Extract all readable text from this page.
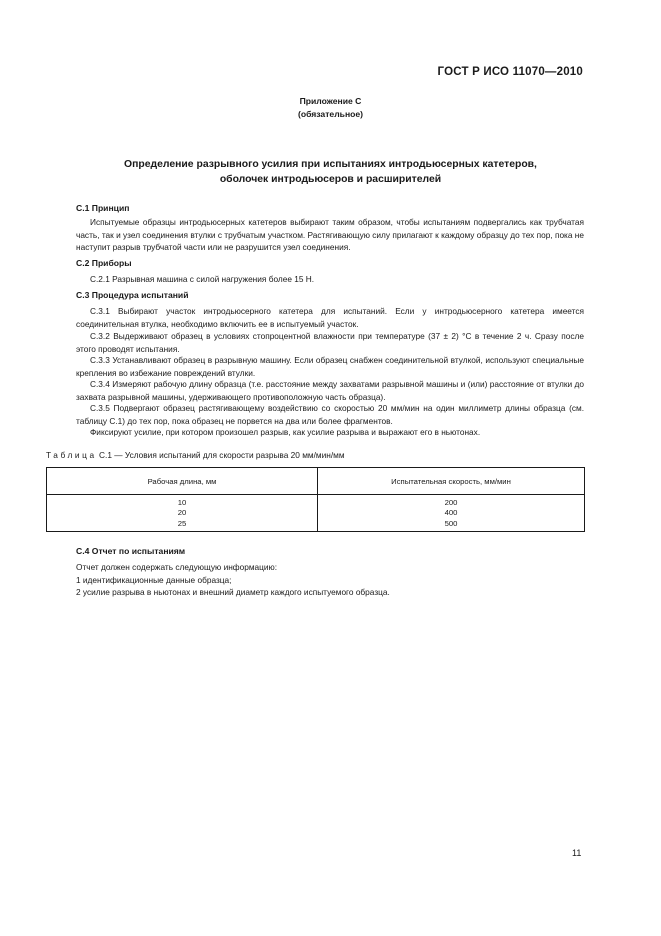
ГОСТ Р ИСО 11070—2010
Приложение С
(обязательное)
Определение разрывного усилия при испытаниях интродьюсерных катетеров,
оболочек интродьюсеров и расширителей
С.1 Принцип
Испытуемые образцы интродьюсерных катетеров выбирают таким образом, чтобы испытаниям подвергались как трубчатая часть, так и узел соединения втулки с трубчатым участком. Растягивающую силу прилагают к каждому образцу до тех пор, пока не наступит разрыв трубчатой части или не разрушится узел соединения.
С.2 Приборы
С.2.1 Разрывная машина с силой нагружения более 15 Н.
С.3 Процедура испытаний
С.3.1 Выбирают участок интродьюсерного катетера для испытаний. Если у интродьюсерного катетера имеется соединительная втулка, необходимо включить ее в испытуемый участок.
С.3.2 Выдерживают образец в условиях стопроцентной влажности при температуре (37 ± 2) °С в течение 2 ч. Сразу после этого проводят испытания.
С.3.3 Устанавливают образец в разрывную машину. Если образец снабжен соединительной втулкой, используют специальные крепления во избежание повреждений втулки.
С.3.4 Измеряют рабочую длину образца (т.е. расстояние между захватами разрывной машины и (или) расстояние от втулки до захвата разрывной машины, удерживающего противоположную часть образца).
С.3.5 Подвергают образец растягивающему воздействию со скоростью 20 мм/мин на один миллиметр длины образца (см. таблицу С.1) до тех пор, пока образец не порвется на два или более фрагментов.
Фиксируют усилие, при котором произошел разрыв, как усилие разрыва и выражают его в ньютонах.
Таблица С.1 — Условия испытаний для скорости разрыва 20 мм/мин/мм
Рабочая длина, мм	Испытательная скорость, мм/мин
10	200
20	400
25	500
С.4 Отчет по испытаниям
Отчет должен содержать следующую информацию:
1 идентификационные данные образца;
2 усилие разрыва в ньютонах и внешний диаметр каждого испытуемого образца.
11
